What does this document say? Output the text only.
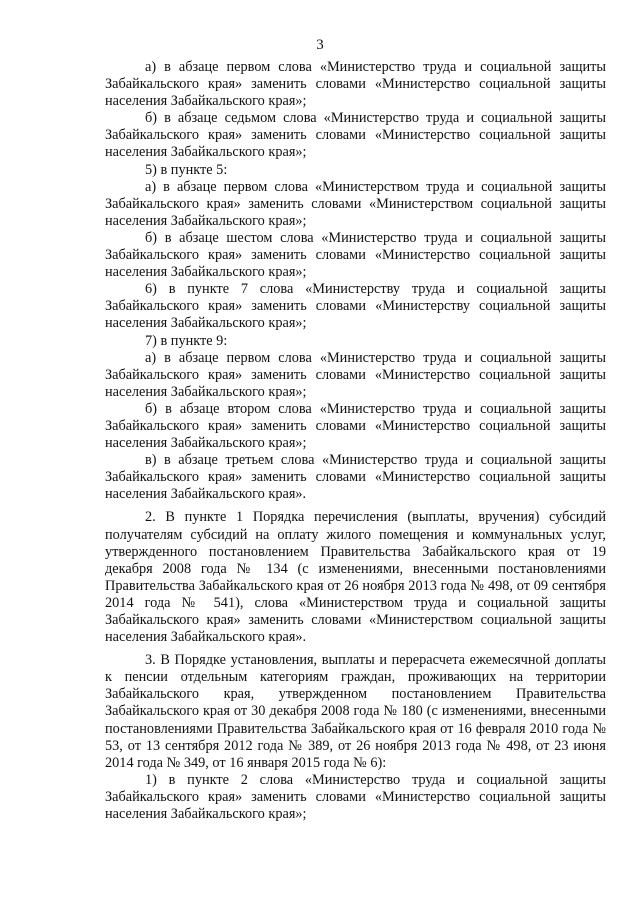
3

а) в абзаце первом слова «Министерство труда и социальной защиты Забайкальского края» заменить словами «Министерство социальной защиты населения Забайкальского края»;

б) в абзаце седьмом слова «Министерство труда и социальной защиты Забайкальского края» заменить словами «Министерство социальной защиты населения Забайкальского края»;

5) в пункте 5:

а) в абзаце первом слова «Министерством труда и социальной защиты Забайкальского края» заменить словами «Министерством социальной защиты населения Забайкальского края»;

б) в абзаце шестом слова «Министерство труда и социальной защиты Забайкальского края» заменить словами «Министерство социальной защиты населения Забайкальского края»;

6) в пункте 7 слова «Министерству труда и социальной защиты Забайкальского края» заменить словами «Министерству социальной защиты населения Забайкальского края»;

7) в пункте 9:

а) в абзаце первом слова «Министерство труда и социальной защиты Забайкальского края» заменить словами «Министерство социальной защиты населения Забайкальского края»;

б) в абзаце втором слова «Министерство труда и социальной защиты Забайкальского края» заменить словами «Министерство социальной защиты населения Забайкальского края»;

в) в абзаце третьем слова «Министерство труда и социальной защиты Забайкальского края» заменить словами «Министерство социальной защиты населения Забайкальского края».

2. В пункте 1 Порядка перечисления (выплаты, вручения) субсидий получателям субсидий на оплату жилого помещения и коммунальных услуг, утвержденного постановлением Правительства Забайкальского края от 19 декабря 2008 года № 134 (с изменениями, внесенными постановлениями Правительства Забайкальского края от 26 ноября 2013 года № 498, от 09 сентября 2014 года № 541), слова «Министерством труда и социальной защиты Забайкальского края» заменить словами «Министерством социальной защиты населения Забайкальского края».

3. В Порядке установления, выплаты и перерасчета ежемесячной доплаты к пенсии отдельным категориям граждан, проживающих на территории Забайкальского края, утвержденном постановлением Правительства Забайкальского края от 30 декабря 2008 года № 180 (с изменениями, внесенными постановлениями Правительства Забайкальского края от 16 февраля 2010 года № 53, от 13 сентября 2012 года № 389, от 26 ноября 2013 года № 498, от 23 июня 2014 года № 349, от 16 января 2015 года № 6):

1) в пункте 2 слова «Министерство труда и социальной защиты Забайкальского края» заменить словами «Министерство социальной защиты населения Забайкальского края»;
